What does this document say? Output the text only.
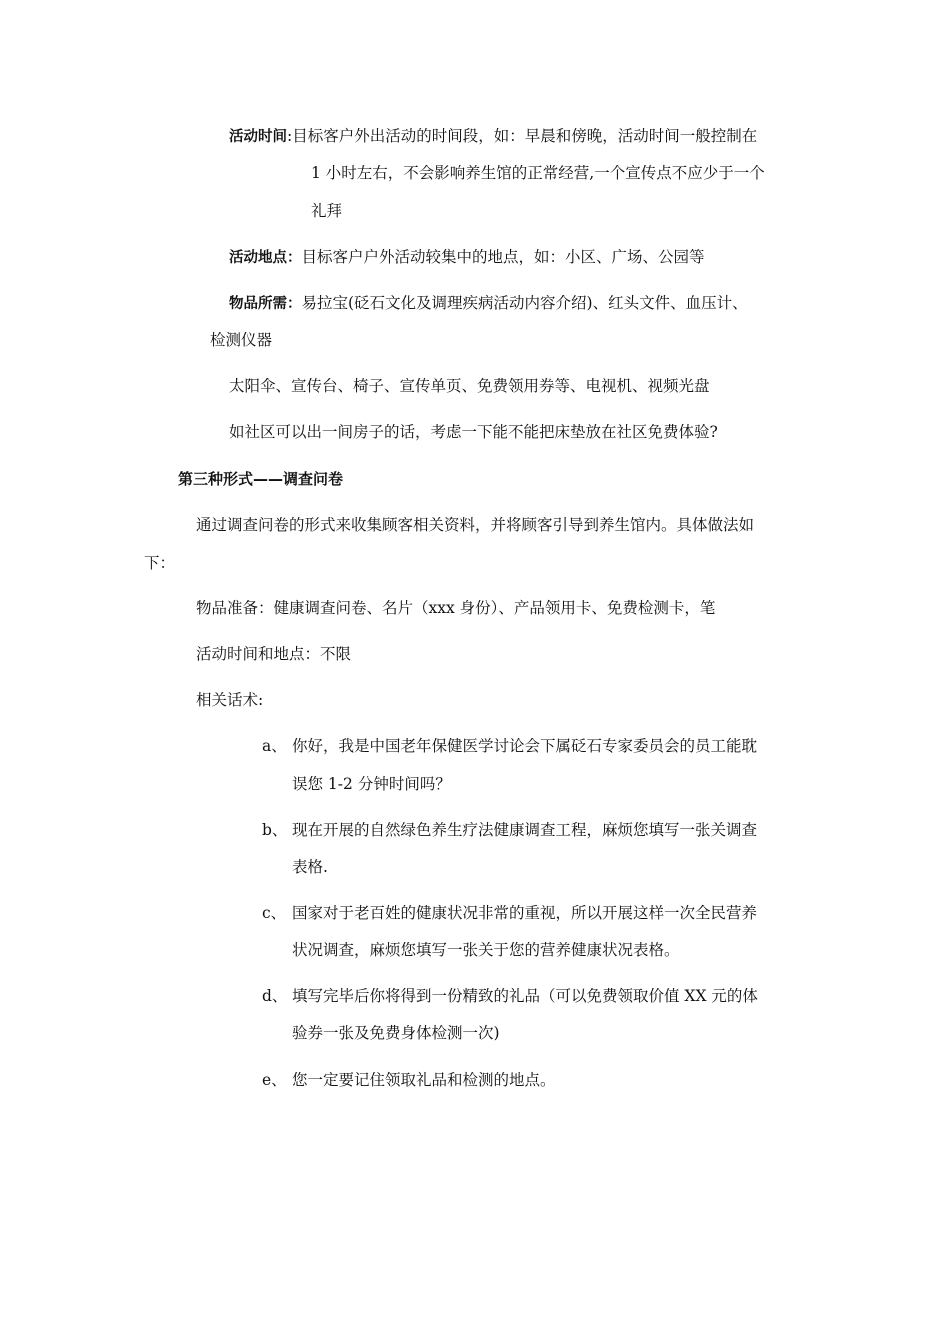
活动时间:目标客户外出活动的时间段，如：早晨和傍晚，活动时间一般控制在
1 小时左右，不会影响养生馆的正常经营,一个宣传点不应少于一个
礼拜
活动地点：目标客户户外活动较集中的地点，如：小区、广场、公园等
物品所需：易拉宝(砭石文化及调理疾病活动内容介绍)、红头文件、血压计、
检测仪器
太阳伞、宣传台、椅子、宣传单页、免费领用券等、电视机、视频光盘
如社区可以出一间房子的话，考虑一下能不能把床垫放在社区免费体验?
第三种形式——调查问卷
通过调查问卷的形式来收集顾客相关资料，并将顾客引导到养生馆内。具体做法如
下：
物品准备：健康调查问卷、名片（xxx 身份）、产品领用卡、免费检测卡，笔
活动时间和地点：不限
相关话术:
a、 你好，我是中国老年保健医学讨论会下属砭石专家委员会的员工能耽
误您 1-2 分钟时间吗？
b、 现在开展的自然绿色养生疗法健康调查工程，麻烦您填写一张关调查
表格.
c、 国家对于老百姓的健康状况非常的重视，所以开展这样一次全民营养
状况调查，麻烦您填写一张关于您的营养健康状况表格。
d、 填写完毕后你将得到一份精致的礼品（可以免费领取价值 XX 元的体
验券一张及免费身体检测一次)
e、 您一定要记住领取礼品和检测的地点。
